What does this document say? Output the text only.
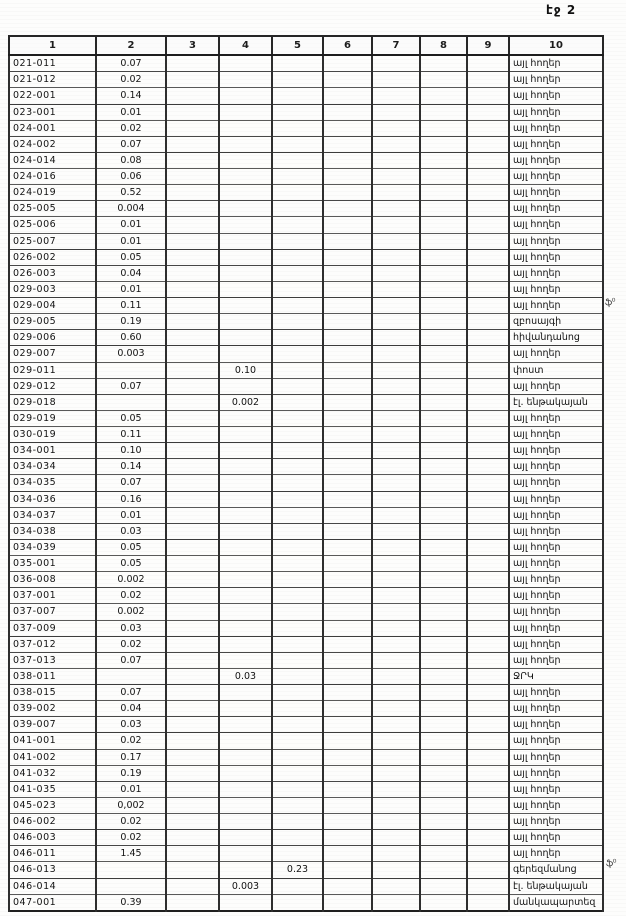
էջ 2
1	2	3	4	5	6	7	8	9	10
021-011	0.07								այլ հողեր
021-012	0.02								այլ հողեր
022-001	0.14								այլ հողեր
023-001	0.01								այլ հողեր
024-001	0.02								այլ հողեր
024-002	0.07								այլ հողեր
024-014	0.08								այլ հողեր
024-016	0.06								այլ հողեր
024-019	0.52								այլ հողեր
025-005	0.004								այլ հողեր
025-006	0.01								այլ հողեր
025-007	0.01								այլ հողեր
026-002	0.05								այլ հողեր
026-003	0.04								այլ հողեր
029-003	0.01								այլ հողեր
029-004	0.11								այլ հողեր
029-005	0.19								զբոսայգի
029-006	0.60								հիվանդանոց
029-007	0.003								այլ հողեր
029-011			0.10						փոստ
029-012	0.07								այլ հողեր
029-018			0.002						էլ. ենթակայան
029-019	0.05								այլ հողեր
030-019	0.11								այլ հողեր
034-001	0.10								այլ հողեր
034-034	0.14								այլ հողեր
034-035	0.07								այլ հողեր
034-036	0.16								այլ հողեր
034-037	0.01								այլ հողեր
034-038	0.03								այլ հողեր
034-039	0.05								այլ հողեր
035-001	0.05								այլ հողեր
036-008	0.002								այլ հողեր
037-001	0.02								այլ հողեր
037-007	0.002								այլ հողեր
037-009	0.03								այլ հողեր
037-012	0.02								այլ հողեր
037-013	0.07								այլ հողեր
038-011			0.03						ՋՐԿ
038-015	0.07								այլ հողեր
039-002	0.04								այլ հողեր
039-007	0.03								այլ հողեր
041-001	0.02								այլ հողեր
041-002	0.17								այլ հողեր
041-032	0.19								այլ հողեր
041-035	0.01								այլ հողեր
045-023	0,002								այլ հողեր
046-002	0.02								այլ հողեր
046-003	0.02								այլ հողեր
046-011	1.45								այլ հողեր
046-013				0.23					գերեզմանոց
046-014			0.003						էլ. ենթակայան
047-001	0.39								մանկապարտեզ
ֆ⁰
ֆ⁰
